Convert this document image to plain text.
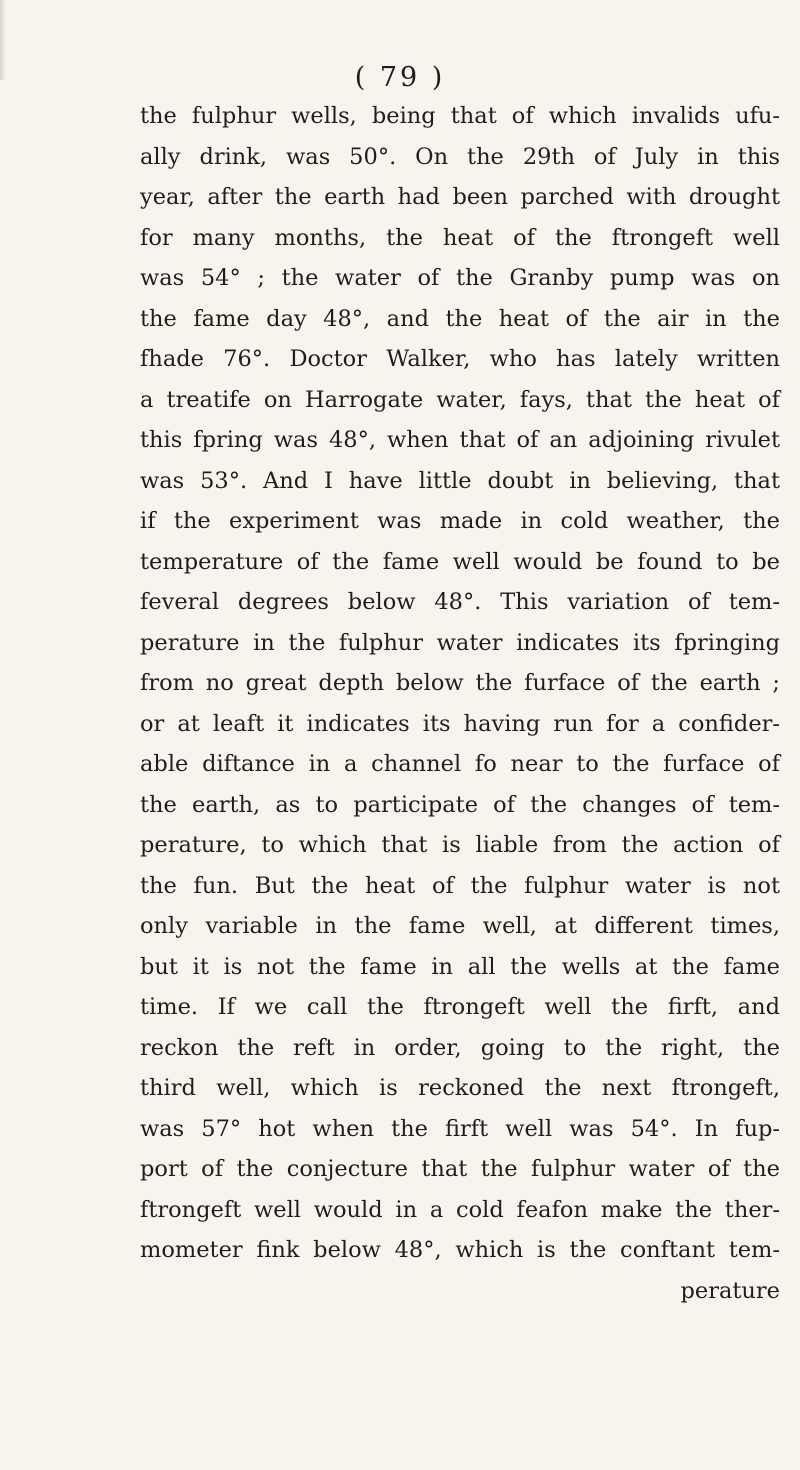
( 79 )
the fulphur wells, being that of which invalids ufu-
ally drink, was 50°. On the 29th of July in this
year, after the earth had been parched with drought
for many months, the heat of the ftrongeft well
was 54° ; the water of the Granby pump was on
the fame day 48°, and the heat of the air in the
fhade 76°. Doctor Walker, who has lately written
a treatife on Harrogate water, fays, that the heat of
this fpring was 48°, when that of an adjoining rivulet
was 53°. And I have little doubt in believing, that
if the experiment was made in cold weather, the
temperature of the fame well would be found to be
feveral degrees below 48°. This variation of tem-
perature in the fulphur water indicates its fpringing
from no great depth below the furface of the earth ;
or at leaft it indicates its having run for a confider-
able diftance in a channel fo near to the furface of
the earth, as to participate of the changes of tem-
perature, to which that is liable from the action of
the fun. But the heat of the fulphur water is not
only variable in the fame well, at different times,
but it is not the fame in all the wells at the fame
time. If we call the ftrongeft well the firft, and
reckon the reft in order, going to the right, the
third well, which is reckoned the next ftrongeft,
was 57° hot when the firft well was 54°. In fup-
port of the conjecture that the fulphur water of the
ftrongeft well would in a cold feafon make the ther-
mometer fink below 48°, which is the conftant tem-
perature
